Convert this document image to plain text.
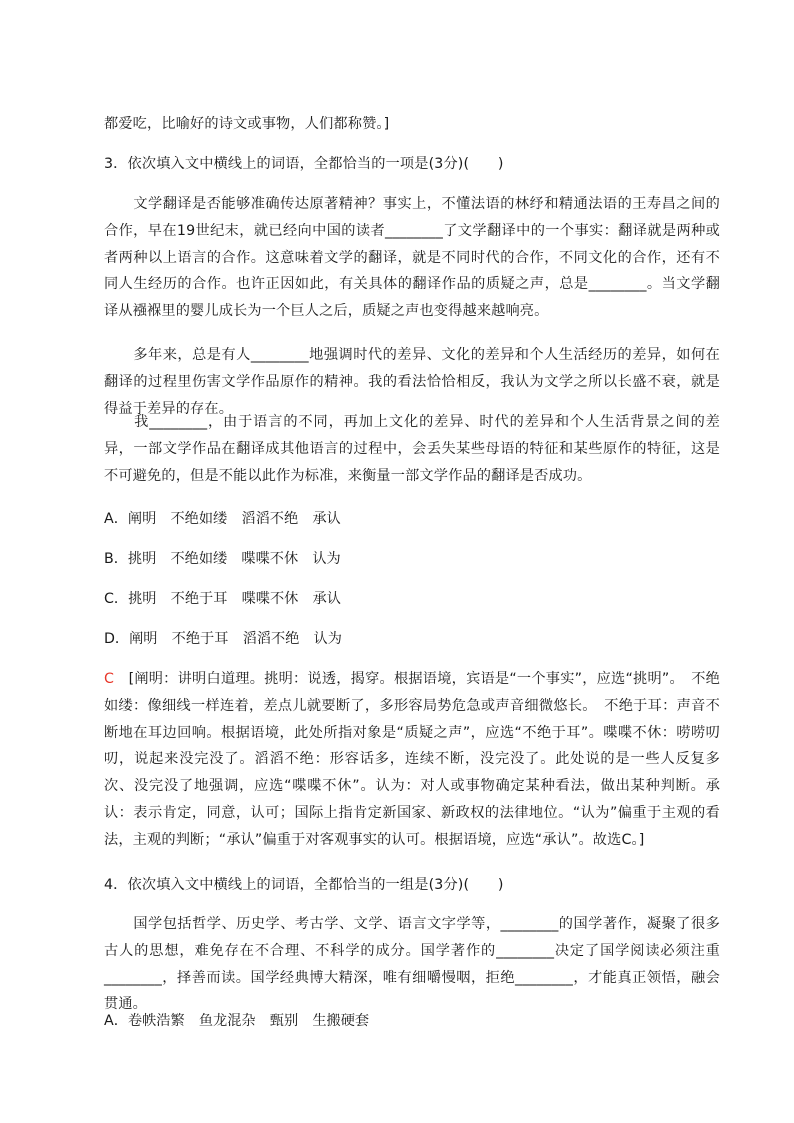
都爱吃，比喻好的诗文或事物，人们都称赞。]

3．依次填入文中横线上的词语，全都恰当的一项是(3分)(　　)

　　文学翻译是否能够准确传达原著精神？事实上，不懂法语的林纾和精通法语的王寿昌之间的合作，早在19世纪末，就已经向中国的读者________了文学翻译中的一个事实：翻译就是两种或者两种以上语言的合作。这意味着文学的翻译，就是不同时代的合作，不同文化的合作，还有不同人生经历的合作。也许正因如此，有关具体的翻译作品的质疑之声，总是________。当文学翻译从襁褓里的婴儿成长为一个巨人之后，质疑之声也变得越来越响亮。

　　多年来，总是有人________地强调时代的差异、文化的差异和个人生活经历的差异，如何在翻译的过程里伤害文学作品原作的精神。我的看法恰恰相反，我认为文学之所以长盛不衰，就是得益于差异的存在。

　　我________，由于语言的不同，再加上文化的差异、时代的差异和个人生活背景之间的差异，一部文学作品在翻译成其他语言的过程中，会丢失某些母语的特征和某些原作的特征，这是不可避免的，但是不能以此作为标准，来衡量一部文学作品的翻译是否成功。

A．阐明　不绝如缕　滔滔不绝　承认
B．挑明　不绝如缕　喋喋不休　认为
C．挑明　不绝于耳　喋喋不休　承认
D．阐明　不绝于耳　滔滔不绝　认为

C　[阐明：讲明白道理。挑明：说透，揭穿。根据语境，宾语是“一个事实”，应选“挑明”。　不绝如缕：像细线一样连着，差点儿就要断了，多形容局势危急或声音细微悠长。　不绝于耳：声音不断地在耳边回响。根据语境，此处所指对象是“质疑之声”，应选“不绝于耳”。喋喋不休：唠唠叨叨，说起来没完没了。滔滔不绝：形容话多，连续不断，没完没了。此处说的是一些人反复多次、没完没了地强调，应选“喋喋不休”。认为：对人或事物确定某种看法，做出某种判断。承认：表示肯定，同意，认可；国际上指肯定新国家、新政权的法律地位。“认为”偏重于主观的看法，主观的判断；“承认”偏重于对客观事实的认可。根据语境，应选“承认”。故选C。]

4．依次填入文中横线上的词语，全都恰当的一组是(3分)(　　)

　　国学包括哲学、历史学、考古学、文学、语言文字学等，________的国学著作，凝聚了很多古人的思想，难免存在不合理、不科学的成分。国学著作的________决定了国学阅读必须注重________，择善而读。国学经典博大精深，唯有细嚼慢咽，拒绝________，才能真正领悟，融会贯通。

A．卷帙浩繁　鱼龙混杂　甄别　生搬硬套
